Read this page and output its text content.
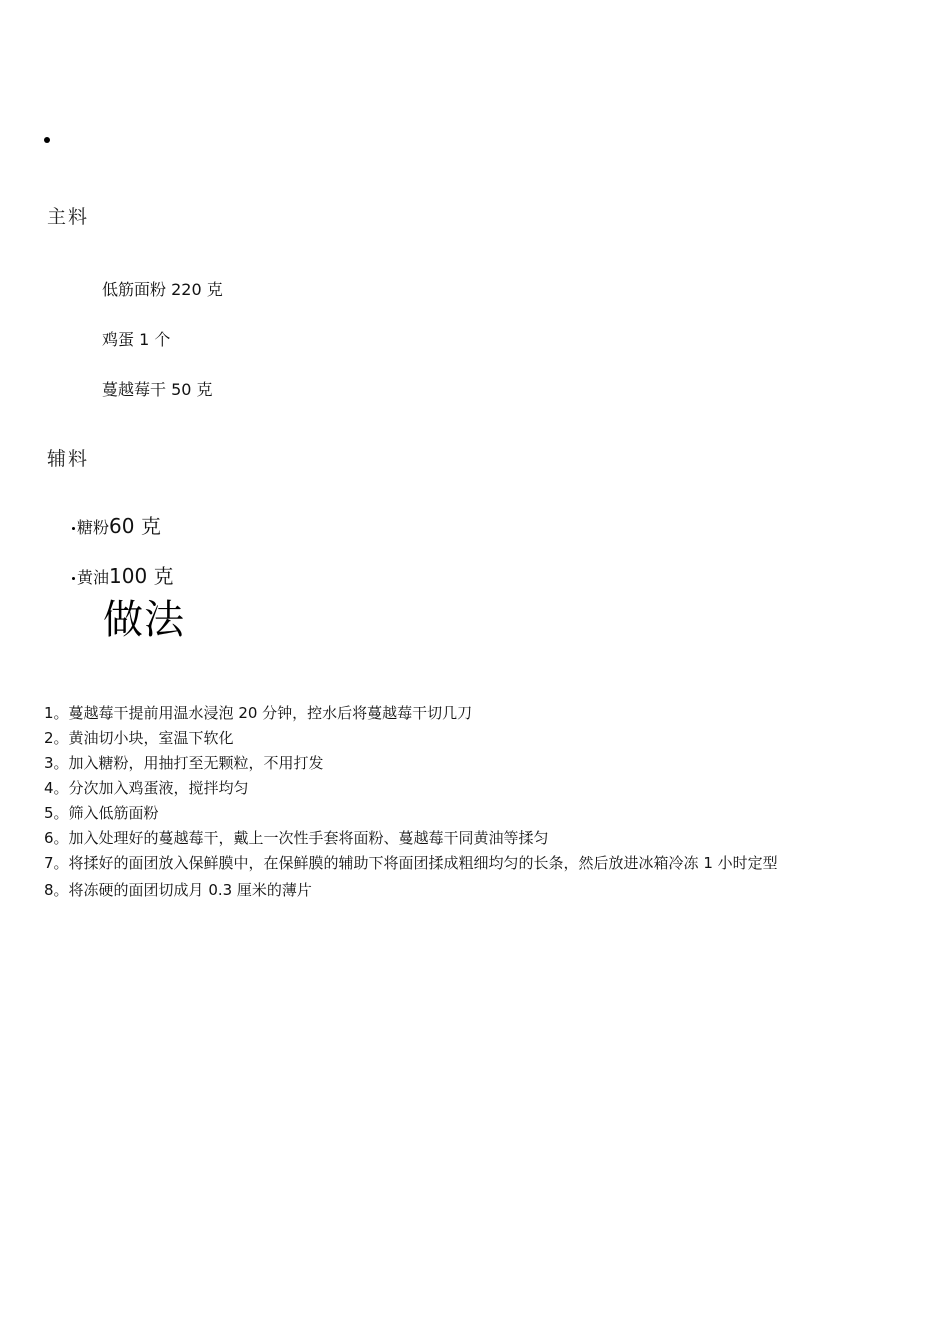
主料
低筋面粉 220 克
鸡蛋 1 个
蔓越莓干 50 克
辅料
糖粉60 克
黄油100 克
做法
1。蔓越莓干提前用温水浸泡 20 分钟，控水后将蔓越莓干切几刀
2。黄油切小块，室温下软化
3。加入糖粉，用抽打至无颗粒，不用打发
4。分次加入鸡蛋液，搅拌均匀
5。筛入低筋面粉
6。加入处理好的蔓越莓干，戴上一次性手套将面粉、蔓越莓干同黄油等揉匀
7。将揉好的面团放入保鲜膜中，在保鲜膜的辅助下将面团揉成粗细均匀的长条，然后放进冰箱冷冻 1 小时定型
8。将冻硬的面团切成月 0.3 厘米的薄片
